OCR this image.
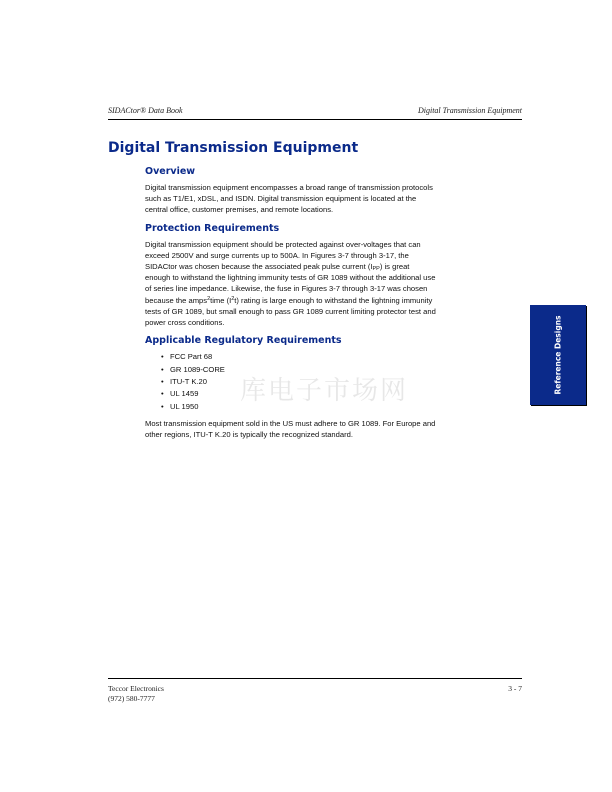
SIDACtor® Data Book	Digital Transmission Equipment
Digital Transmission Equipment
Overview

Digital transmission equipment encompasses a broad range of transmission protocols
such as T1/E1, xDSL, and ISDN. Digital transmission equipment is located at the
central office, customer premises, and remote locations.

Protection Requirements

Digital transmission equipment should be protected against over-voltages that can
exceed 2500V and surge currents up to 500A. In Figures 3-7 through 3-17, the
SIDACtor was chosen because the associated peak pulse current $(I_{PP})$ is great
enough to withstand the lightning immunity tests of GR 1089 without the additional use
of series line impedance. Likewise, the fuse in Figures 3-7 through 3-17 was chosen
because the amps$^2$time $(I^2t)$ rating is large enough to withstand the lightning immunity
tests of GR 1089, but small enough to pass GR 1089 current limiting protector test and
power cross conditions.

Applicable Regulatory Requirements
• FCC Part 68
• GR 1089-CORE
• ITU-T K.20
• UL 1459
• UL 1950

Most transmission equipment sold in the US must adhere to GR 1089. For Europe and
other regions, ITU-T K.20 is typically the recognized standard.

库电子市场网	Reference Designs
Teccor Electronics
(972) 580-7777
3 - 7
